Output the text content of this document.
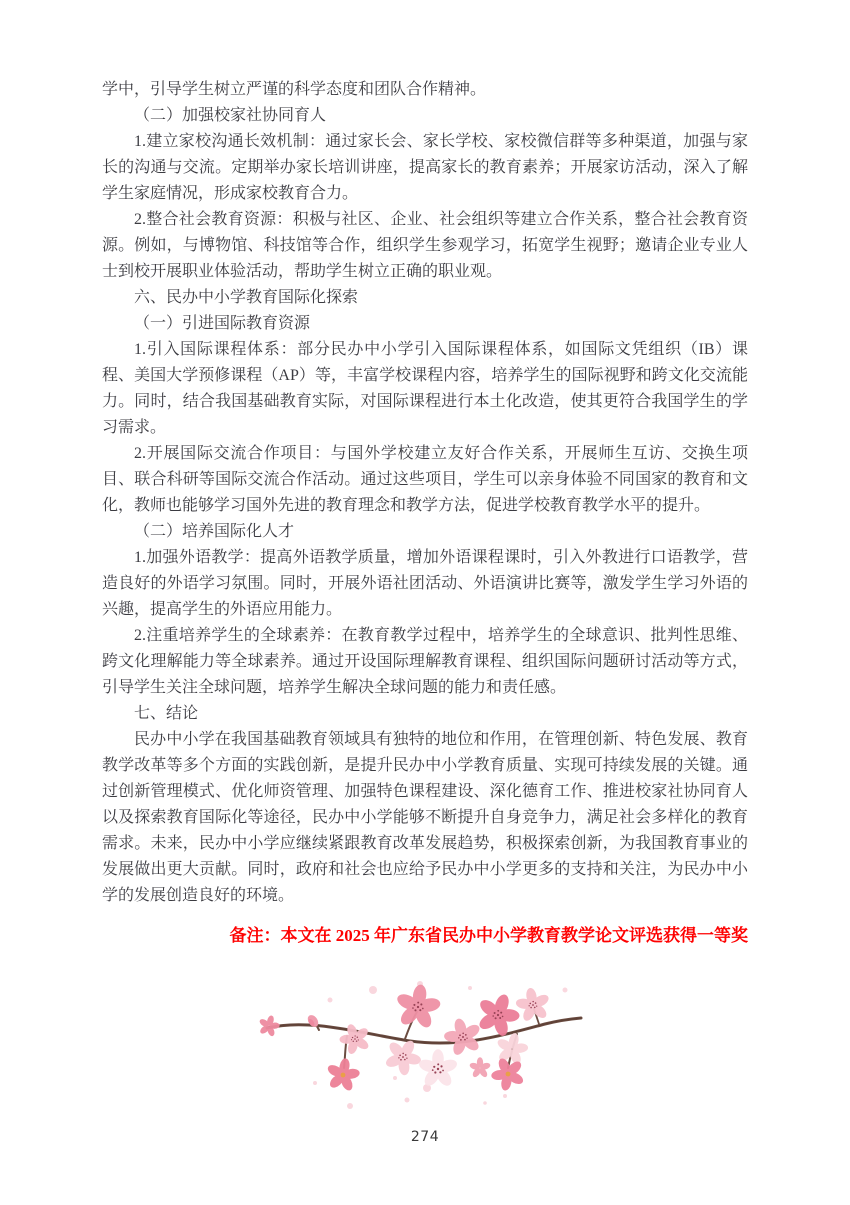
学中，引导学生树立严谨的科学态度和团队合作精神。

（二）加强校家社协同育人

1.建立家校沟通长效机制：通过家长会、家长学校、家校微信群等多种渠道，加强与家长的沟通与交流。定期举办家长培训讲座，提高家长的教育素养；开展家访活动，深入了解学生家庭情况，形成家校教育合力。

2.整合社会教育资源：积极与社区、企业、社会组织等建立合作关系，整合社会教育资源。例如，与博物馆、科技馆等合作，组织学生参观学习，拓宽学生视野；邀请企业专业人士到校开展职业体验活动，帮助学生树立正确的职业观。

六、民办中小学教育国际化探索

（一）引进国际教育资源

1.引入国际课程体系：部分民办中小学引入国际课程体系，如国际文凭组织（IB）课程、美国大学预修课程（AP）等，丰富学校课程内容，培养学生的国际视野和跨文化交流能力。同时，结合我国基础教育实际，对国际课程进行本土化改造，使其更符合我国学生的学习需求。

2.开展国际交流合作项目：与国外学校建立友好合作关系，开展师生互访、交换生项目、联合科研等国际交流合作活动。通过这些项目，学生可以亲身体验不同国家的教育和文化，教师也能够学习国外先进的教育理念和教学方法，促进学校教育教学水平的提升。

（二）培养国际化人才

1.加强外语教学：提高外语教学质量，增加外语课程课时，引入外教进行口语教学，营造良好的外语学习氛围。同时，开展外语社团活动、外语演讲比赛等，激发学生学习外语的兴趣，提高学生的外语应用能力。

2.注重培养学生的全球素养：在教育教学过程中，培养学生的全球意识、批判性思维、跨文化理解能力等全球素养。通过开设国际理解教育课程、组织国际问题研讨活动等方式，引导学生关注全球问题，培养学生解决全球问题的能力和责任感。

七、结论

民办中小学在我国基础教育领域具有独特的地位和作用，在管理创新、特色发展、教育教学改革等多个方面的实践创新，是提升民办中小学教育质量、实现可持续发展的关键。通过创新管理模式、优化师资管理、加强特色课程建设、深化德育工作、推进校家社协同育人以及探索教育国际化等途径，民办中小学能够不断提升自身竞争力，满足社会多样化的教育需求。未来，民办中小学应继续紧跟教育改革发展趋势，积极探索创新，为我国教育事业的发展做出更大贡献。同时，政府和社会也应给予民办中小学更多的支持和关注，为民办中小学的发展创造良好的环境。

备注：本文在 2025 年广东省民办中小学教育教学论文评选获得一等奖

274
